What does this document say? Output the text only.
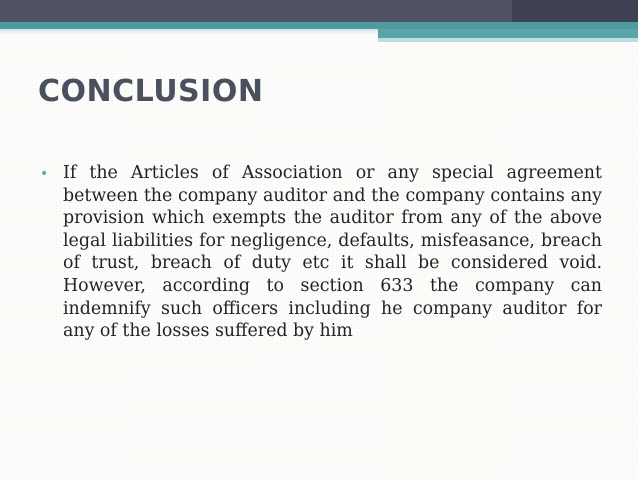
CONCLUSION
• If the Articles of Association or any special agreement between the company auditor and the company contains any provision which exempts the auditor from any of the above legal liabilities for negligence, defaults, misfeasance, breach of trust, breach of duty etc it shall be considered void. However, according to section 633 the company can indemnify such officers including he company auditor for any of the losses suffered by him
